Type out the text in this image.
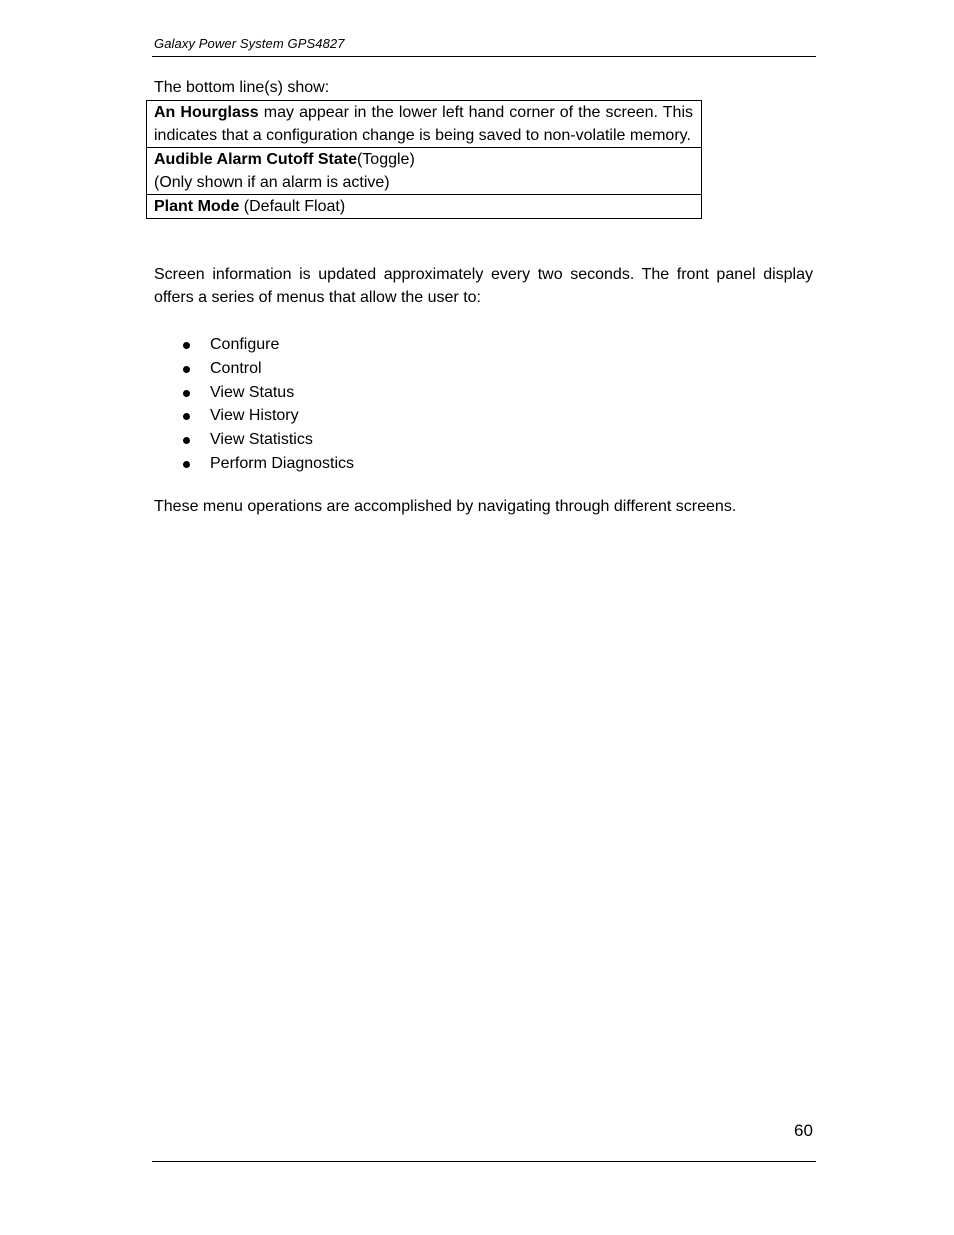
Galaxy Power System GPS4827
The bottom line(s) show:
An Hourglass may appear in the lower left hand corner of the screen. This indicates that a configuration change is being saved to non-volatile memory.
Audible Alarm Cutoff State(Toggle)
(Only shown if an alarm is active)
Plant Mode (Default Float)

Screen information is updated approximately every two seconds. The front panel display offers a series of menus that allow the user to:

Configure
Control
View Status
View History
View Statistics
Perform Diagnostics

These menu operations are accomplished by navigating through different screens.

60
